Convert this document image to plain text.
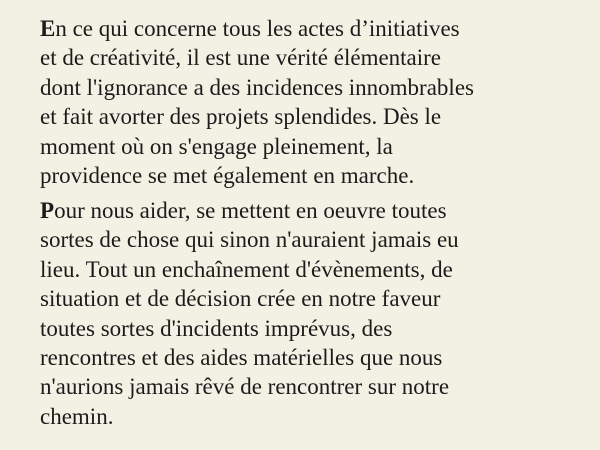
En ce qui concerne tous les actes d’initiatives
et de créativité, il est une vérité élémentaire
dont l'ignorance a des incidences innombrables
et fait avorter des projets splendides. Dès le
moment où on s'engage pleinement, la
providence se met également en marche.

Pour nous aider, se mettent en oeuvre toutes
sortes de chose qui sinon n'auraient jamais eu
lieu. Tout un enchaînement d'évènements, de
situation et de décision crée en notre faveur
toutes sortes d'incidents imprévus, des
rencontres et des aides matérielles que nous
n'aurions jamais rêvé de rencontrer sur notre
chemin.
